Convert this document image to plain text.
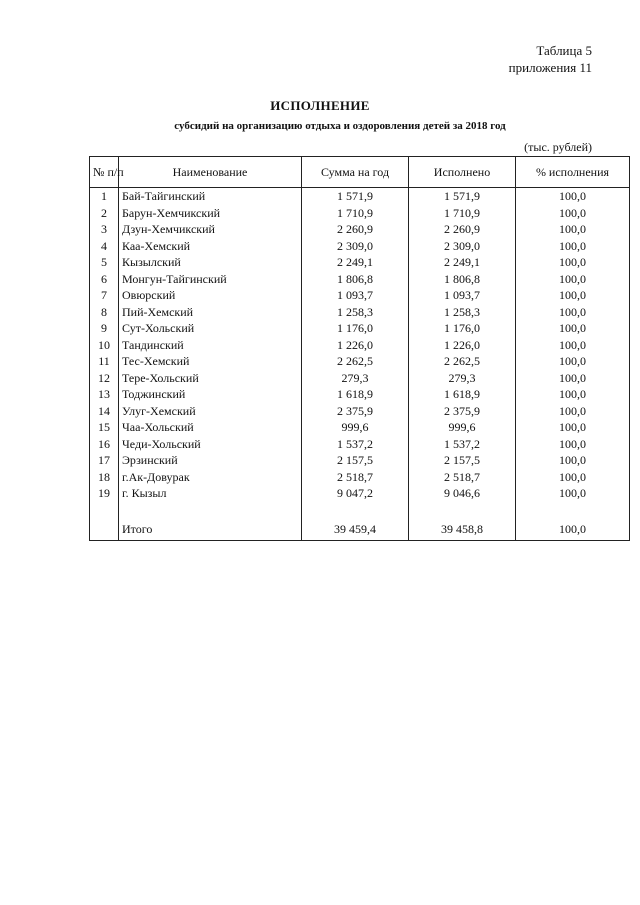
Таблица 5
приложения 11
ИСПОЛНЕНИЕ
субсидий на организацию отдыха и оздоровления детей за 2018 год
(тыс. рублей)
№ п/п	Наименование	Сумма на год	Исполнено	% исполнения
1	Бай-Тайгинский	1 571,9	1 571,9	100,0
2	Барун-Хемчикский	1 710,9	1 710,9	100,0
3	Дзун-Хемчикский	2 260,9	2 260,9	100,0
4	Каа-Хемский	2 309,0	2 309,0	100,0
5	Кызылский	2 249,1	2 249,1	100,0
6	Монгун-Тайгинский	1 806,8	1 806,8	100,0
7	Овюрский	1 093,7	1 093,7	100,0
8	Пий-Хемский	1 258,3	1 258,3	100,0
9	Сут-Хольский	1 176,0	1 176,0	100,0
10	Тандинский	1 226,0	1 226,0	100,0
11	Тес-Хемский	2 262,5	2 262,5	100,0
12	Тере-Хольский	279,3	279,3	100,0
13	Тоджинский	1 618,9	1 618,9	100,0
14	Улуг-Хемский	2 375,9	2 375,9	100,0
15	Чаа-Хольский	999,6	999,6	100,0
16	Чеди-Хольский	1 537,2	1 537,2	100,0
17	Эрзинский	2 157,5	2 157,5	100,0
18	г.Ак-Довурак	2 518,7	2 518,7	100,0
19	г. Кызыл	9 047,2	9 046,6	100,0

	Итого	39 459,4	39 458,8	100,0
